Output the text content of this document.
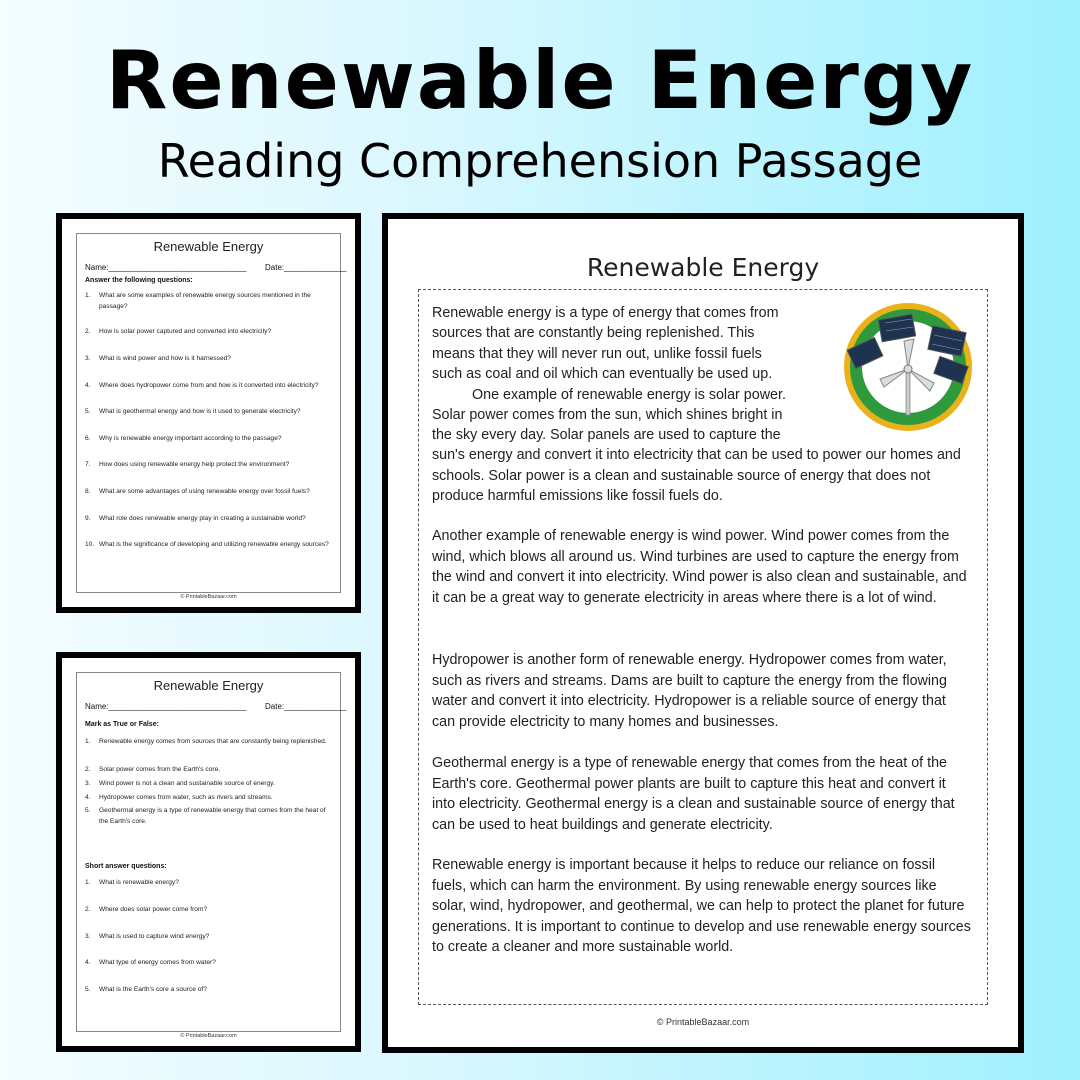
Renewable Energy
Reading Comprehension Passage
Renewable Energy
Name:_______________________________ Date:______________
Answer the following questions:
1. What are some examples of renewable energy sources mentioned in the passage?
2. How is solar power captured and converted into electricity?
3. What is wind power and how is it harnessed?
4. Where does hydropower come from and how is it converted into electricity?
5. What is geothermal energy and how is it used to generate electricity?
6. Why is renewable energy important according to the passage?
7. How does using renewable energy help protect the environment?
8. What are some advantages of using renewable energy over fossil fuels?
9. What role does renewable energy play in creating a sustainable world?
10. What is the significance of developing and utilizing renewable energy sources?
© PrintableBazaar.com
Renewable Energy
Name:_______________________________ Date:______________
Mark as True or False:
1. Renewable energy comes from sources that are constantly being replenished.
2. Solar power comes from the Earth's core.
3. Wind power is not a clean and sustainable source of energy.
4. Hydropower comes from water, such as rivers and streams.
5. Geothermal energy is a type of renewable energy that comes from the heat of the Earth's core.
Short answer questions:
1. What is renewable energy?
2. Where does solar power come from?
3. What is used to capture wind energy?
4. What type of energy comes from water?
5. What is the Earth's core a source of?
© PrintableBazaar.com
Renewable Energy
Renewable energy is a type of energy that comes from
sources that are constantly being replenished. This
means that they will never run out, unlike fossil fuels
such as coal and oil which can eventually be used up.
One example of renewable energy is solar power.
Solar power comes from the sun, which shines bright in
the sky every day. Solar panels are used to capture the
sun's energy and convert it into electricity that can be used to power our homes and schools. Solar power is a clean and sustainable source of energy that does not produce harmful emissions like fossil fuels do.
Another example of renewable energy is wind power. Wind power comes from the wind, which blows all around us. Wind turbines are used to capture the energy from the wind and convert it into electricity. Wind power is also clean and sustainable, and it can be a great way to generate electricity in areas where there is a lot of wind.
Hydropower is another form of renewable energy. Hydropower comes from water, such as rivers and streams. Dams are built to capture the energy from the flowing water and convert it into electricity. Hydropower is a reliable source of energy that can provide electricity to many homes and businesses.
Geothermal energy is a type of renewable energy that comes from the heat of the Earth's core. Geothermal power plants are built to capture this heat and convert it into electricity. Geothermal energy is a clean and sustainable source of energy that can be used to heat buildings and generate electricity.
Renewable energy is important because it helps to reduce our reliance on fossil fuels, which can harm the environment. By using renewable energy sources like solar, wind, hydropower, and geothermal, we can help to protect the planet for future generations. It is important to continue to develop and use renewable energy sources to create a cleaner and more sustainable world.
© PrintableBazaar.com
